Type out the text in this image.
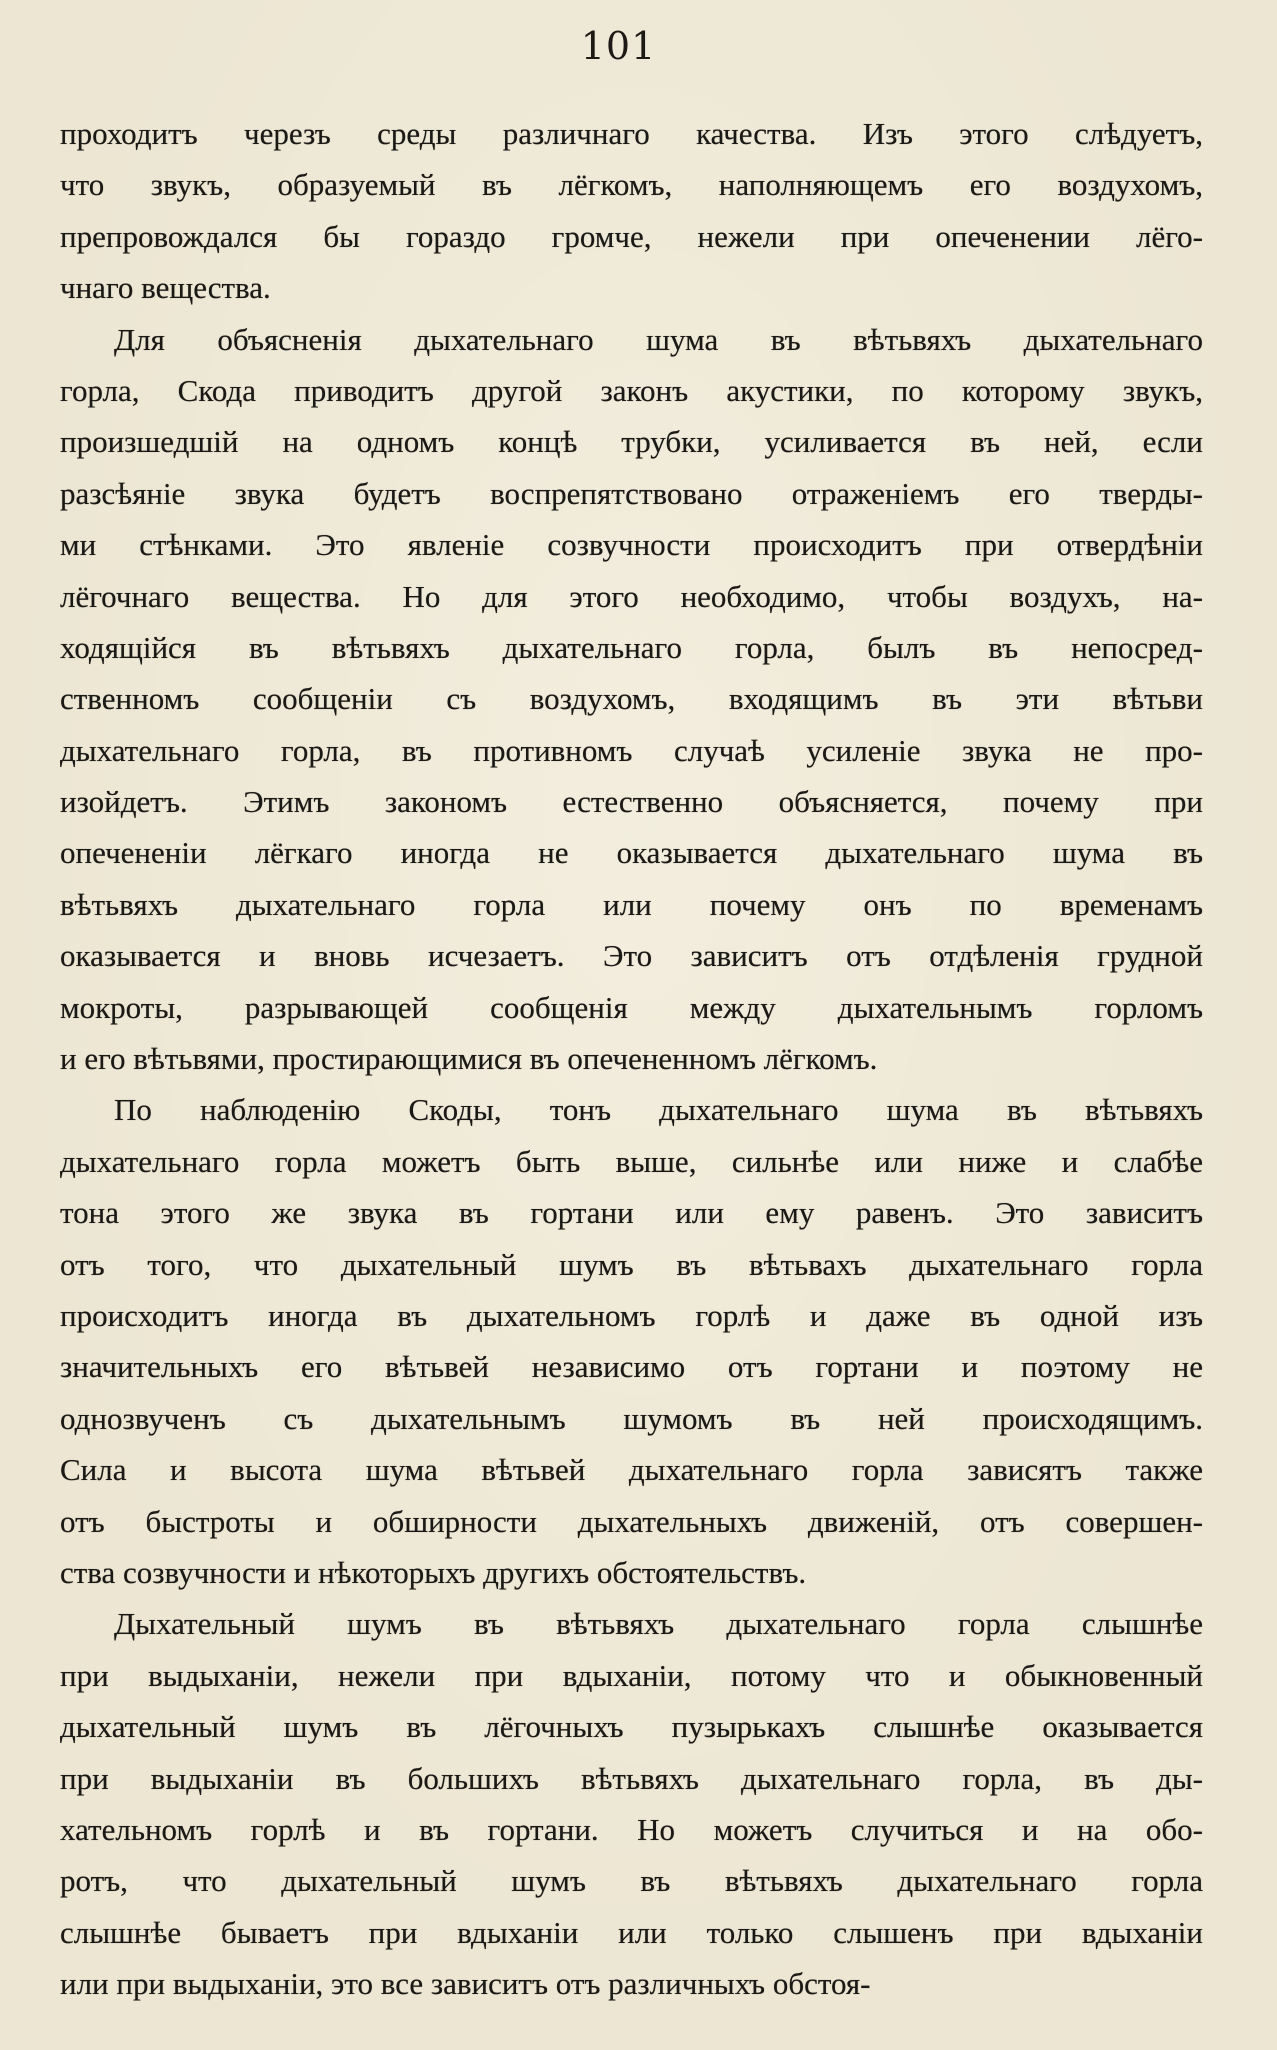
101
проходитъ черезъ среды различнаго качества. Изъ этого слѣдуетъ,
что звукъ, образуемый въ лёгкомъ, наполняющемъ его воздухомъ,
препровождался бы гораздо громче, нежели при опеченении лёго-
чнаго вещества.
Для объясненія дыхательнаго шума въ вѣтьвяхъ дыхательнаго
горла, Скода приводитъ другой законъ акустики, по которому звукъ,
произшедшій на одномъ концѣ трубки, усиливается въ ней, если
разсѣяніе звука будетъ воспрепятствовано отраженіемъ его тверды-
ми стѣнками. Это явленіе созвучности происходитъ при отвердѣніи
лёгочнаго вещества. Но для этого необходимо, чтобы воздухъ, на-
ходящійся въ вѣтьвяхъ дыхательнаго горла, былъ въ непосред-
ственномъ сообщеніи съ воздухомъ, входящимъ въ эти вѣтьви
дыхательнаго горла, въ противномъ случаѣ усиленіе звука не про-
изойдетъ. Этимъ закономъ естественно объясняется, почему при
опечененіи лёгкаго иногда не оказывается дыхательнаго шума въ
вѣтьвяхъ дыхательнаго горла или почему онъ по временамъ
оказывается и вновь исчезаетъ. Это зависитъ отъ отдѣленія грудной
мокроты, разрывающей сообщенія между дыхательнымъ горломъ
и его вѣтьвями, простирающимися въ опечененномъ лёгкомъ.
По наблюденію Скоды, тонъ дыхательнаго шума въ вѣтьвяхъ
дыхательнаго горла можетъ быть выше, сильнѣе или ниже и слабѣе
тона этого же звука въ гортани или ему равенъ. Это зависитъ
отъ того, что дыхательный шумъ въ вѣтьвахъ дыхательнаго горла
происходитъ иногда въ дыхательномъ горлѣ и даже въ одной изъ
значительныхъ его вѣтьвей независимо отъ гортани и поэтому не
однозвученъ съ дыхательнымъ шумомъ въ ней происходящимъ.
Сила и высота шума вѣтьвей дыхательнаго горла зависятъ также
отъ быстроты и обширности дыхательныхъ движеній, отъ совершен-
ства созвучности и нѣкоторыхъ другихъ обстоятельствъ.
Дыхательный шумъ въ вѣтьвяхъ дыхательнаго горла слышнѣе
при выдыханіи, нежели при вдыханіи, потому что и обыкновенный
дыхательный шумъ въ лёгочныхъ пузырькахъ слышнѣе оказывается
при выдыханіи въ большихъ вѣтьвяхъ дыхательнаго горла, въ ды-
хательномъ горлѣ и въ гортани. Но можетъ случиться и на обо-
ротъ, что дыхательный шумъ въ вѣтьвяхъ дыхательнаго горла
слышнѣе бываетъ при вдыханіи или только слышенъ при вдыханіи
или при выдыханіи, это все зависитъ отъ различныхъ обстоя-
